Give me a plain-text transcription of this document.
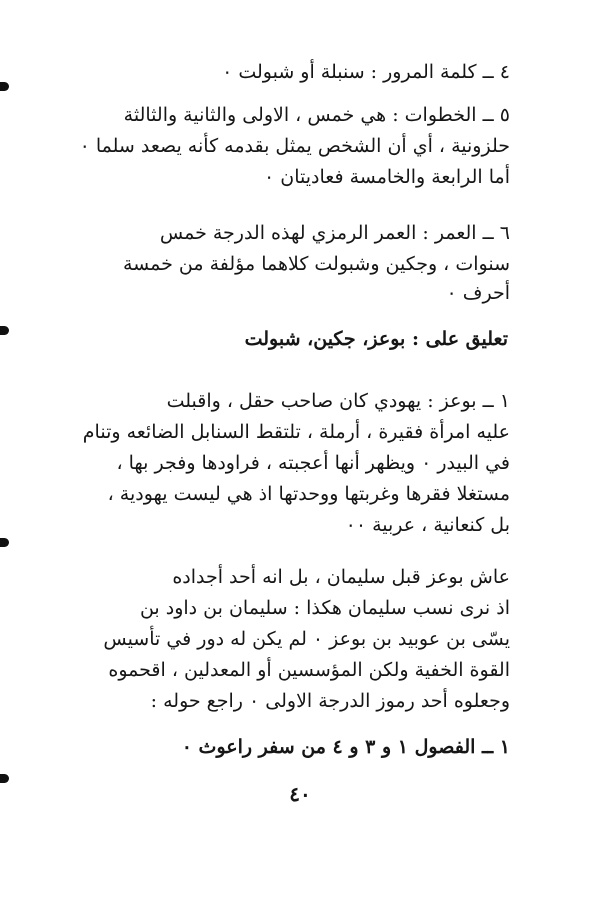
٤ ــ كلمة المرور : سنبلة أو شبولت ٠
٥ ــ الخطوات : هي خمس ، الاولى والثانية والثالثة
حلزونية ، أي أن الشخص يمثل بقدمه كأنه يصعد سلما ٠
أما الرابعة والخامسة فعاديتان ٠
٦ ــ العمر : العمر الرمزي لهذه الدرجة خمس
سنوات ، وجكين وشبولت كلاهما مؤلفة من خمسة
أحرف ٠
تعليق على : بوعز، جكين، شبولت
١ ــ بوعز : يهودي كان صاحب حقل ، واقبلت
عليه امرأة فقيرة ، أرملة ، تلتقط السنابل الضائعه وتنام
في البيدر ٠ ويظهر أنها أعجبته ، فراودها وفجر بها ،
مستغلا فقرها وغربتها ووحدتها اذ هي ليست يهودية ،
بل كنعانية ، عربية ٠٠
عاش بوعز قبل سليمان ، بل انه أحد أجداده
اذ نرى نسب سليمان هكذا : سليمان بن داود بن
يسّى بن عوبيد بن بوعز ٠ لم يكن له دور في تأسيس
القوة الخفية ولكن المؤسسين أو المعدلين ، اقحموه
وجعلوه أحد رموز الدرجة الاولى ٠ راجع حوله :
١ ــ الفصول ١ و ٣ و ٤ من سفر راعوث ٠
٤٠
